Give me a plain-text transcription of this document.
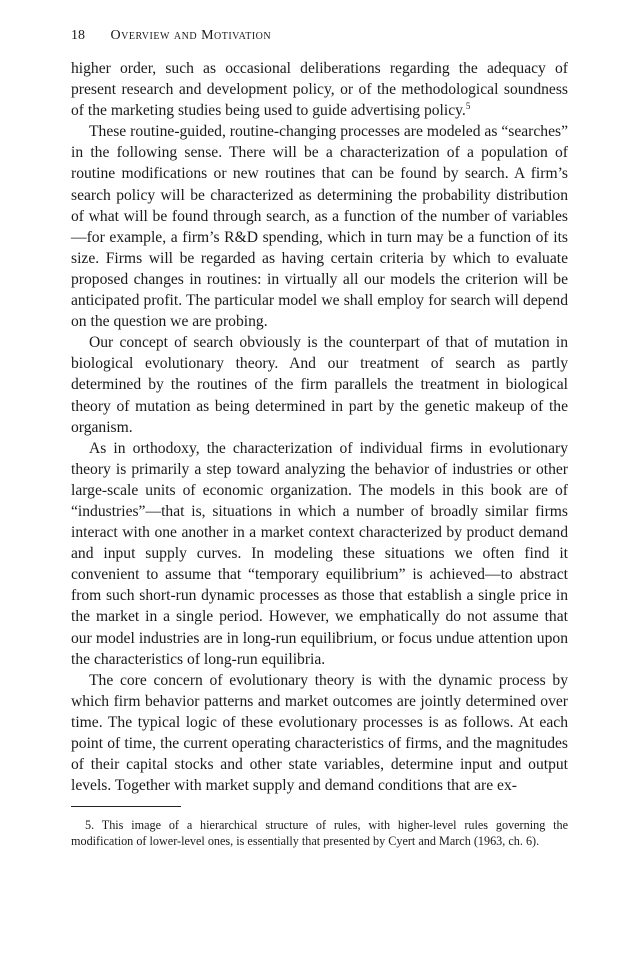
18 Overview and Motivation

higher order, such as occasional deliberations regarding the adequacy of present research and development policy, or of the methodological soundness of the marketing studies being used to guide advertising policy.$^5$

These routine-guided, routine-changing processes are modeled as “searches” in the following sense. There will be a characterization of a population of routine modifications or new routines that can be found by search. A firm’s search policy will be characterized as determining the probability distribution of what will be found through search, as a function of the number of variables—for example, a firm’s R&D spending, which in turn may be a function of its size. Firms will be regarded as having certain criteria by which to evaluate proposed changes in routines: in virtually all our models the criterion will be anticipated profit. The particular model we shall employ for search will depend on the question we are probing.

Our concept of search obviously is the counterpart of that of mutation in biological evolutionary theory. And our treatment of search as partly determined by the routines of the firm parallels the treatment in biological theory of mutation as being determined in part by the genetic makeup of the organism.

As in orthodoxy, the characterization of individual firms in evolutionary theory is primarily a step toward analyzing the behavior of industries or other large-scale units of economic organization. The models in this book are of “industries”—that is, situations in which a number of broadly similar firms interact with one another in a market context characterized by product demand and input supply curves. In modeling these situations we often find it convenient to assume that “temporary equilibrium” is achieved—to abstract from such short-run dynamic processes as those that establish a single price in the market in a single period. However, we emphatically do not assume that our model industries are in long-run equilibrium, or focus undue attention upon the characteristics of long-run equilibria.

The core concern of evolutionary theory is with the dynamic process by which firm behavior patterns and market outcomes are jointly determined over time. The typical logic of these evolutionary processes is as follows. At each point of time, the current operating characteristics of firms, and the magnitudes of their capital stocks and other state variables, determine input and output levels. Together with market supply and demand conditions that are ex-

5. This image of a hierarchical structure of rules, with higher-level rules governing the modification of lower-level ones, is essentially that presented by Cyert and March (1963, ch. 6).
